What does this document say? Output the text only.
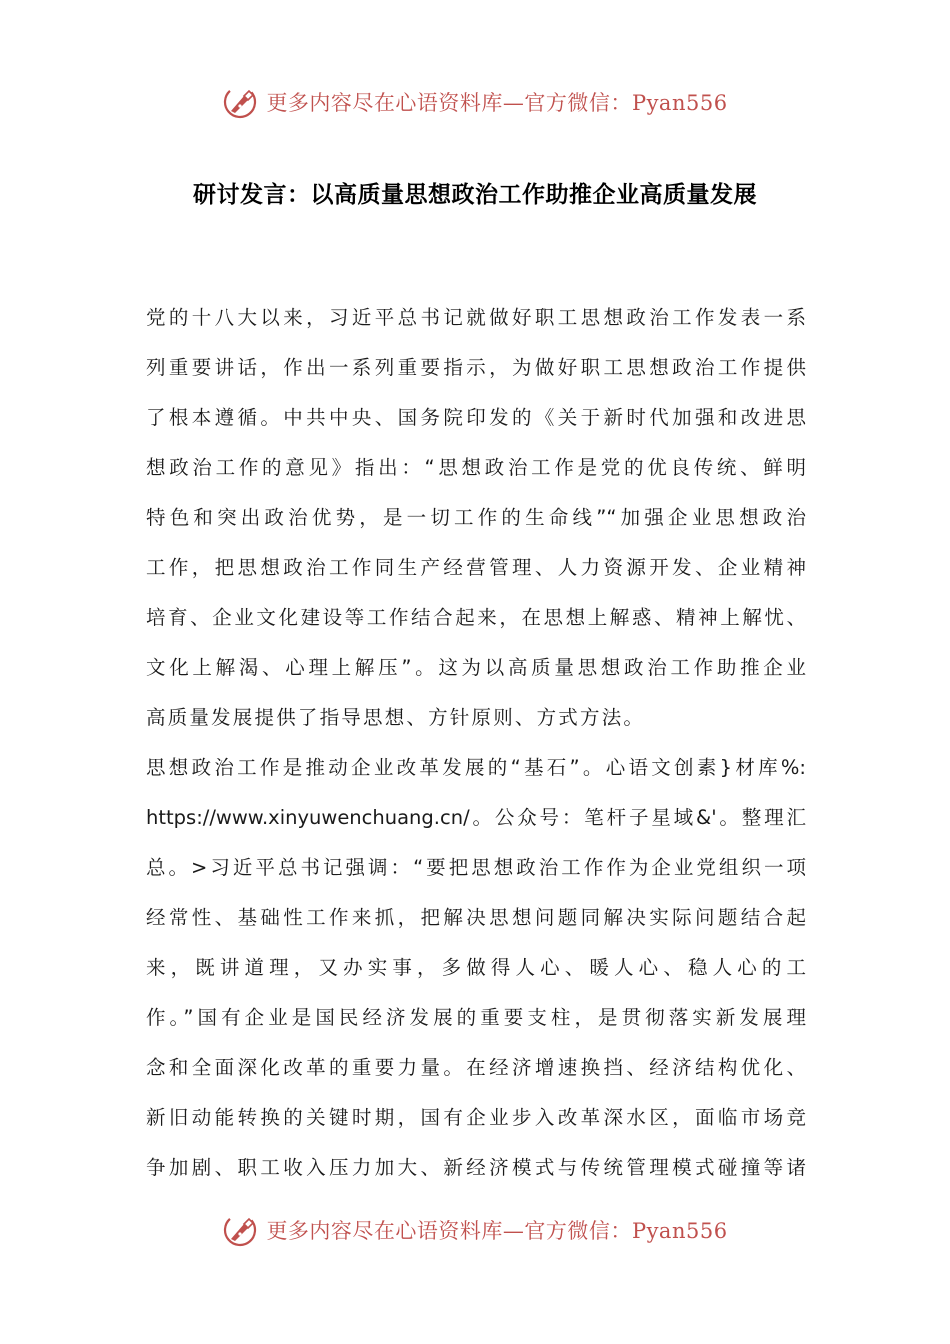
更多内容尽在心语资料库—官方微信：Pyan556
研讨发言：以高质量思想政治工作助推企业高质量发展
党的十八大以来，习近平总书记就做好职工思想政治工作发表一系
列重要讲话，作出一系列重要指示，为做好职工思想政治工作提供
了根本遵循。中共中央、国务院印发的《关于新时代加强和改进思
想政治工作的意见》指出：“思想政治工作是党的优良传统、鲜明
特色和突出政治优势，是一切工作的生命线”“加强企业思想政治
工作，把思想政治工作同生产经营管理、人力资源开发、企业精神
培育、企业文化建设等工作结合起来，在思想上解惑、精神上解忧、
文化上解渴、心理上解压”。这为以高质量思想政治工作助推企业
高质量发展提供了指导思想、方针原则、方式方法。
思想政治工作是推动企业改革发展的“基石”。心语文创素}材库%:
https://www.xinyuwenchuang.cn/。公众号：笔杆子星域&'。整理汇
总。>习近平总书记强调：“要把思想政治工作作为企业党组织一项
经常性、基础性工作来抓，把解决思想问题同解决实际问题结合起
来，既讲道理，又办实事，多做得人心、暖人心、稳人心的工
作。”国有企业是国民经济发展的重要支柱，是贯彻落实新发展理
念和全面深化改革的重要力量。在经济增速换挡、经济结构优化、
新旧动能转换的关键时期，国有企业步入改革深水区，面临市场竞
争加剧、职工收入压力加大、新经济模式与传统管理模式碰撞等诸
更多内容尽在心语资料库—官方微信：Pyan556
